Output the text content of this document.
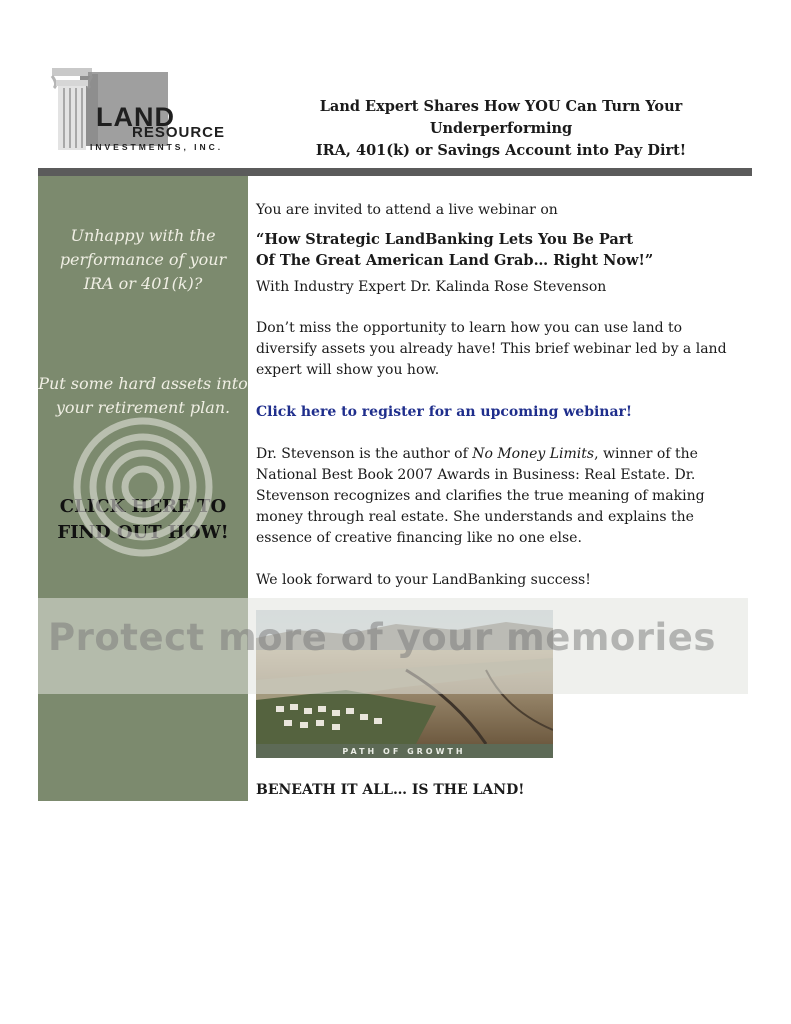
LAND
RESOURCE
INVESTMENTS, INC.
Land Expert Shares How YOU Can Turn Your Underperforming
IRA, 401(k) or Savings Account into Pay Dirt!
Unhappy with the
performance of your
IRA or 401(k)?
Put some hard assets into
your retirement plan.
CLICK HERE TO
FIND OUT HOW!
You are invited to attend a live webinar on
“How Strategic LandBanking Lets You Be Part
Of The Great American Land Grab… Right Now!”
With Industry Expert Dr. Kalinda Rose Stevenson

Don’t miss the opportunity to learn how you can use land to diversify assets you already have! This brief webinar led by a land expert will show you how.

Click here to register for an upcoming webinar!

Dr. Stevenson is the author of No Money Limits, winner of the National Best Book 2007 Awards in Business: Real Estate. Dr. Stevenson recognizes and clarifies the true meaning of making money through real estate. She understands and explains the essence of creative financing like no one else.

We look forward to your LandBanking success!
PATH OF GROWTH
BENEATH IT ALL… IS THE LAND!
Protect more of your memories
